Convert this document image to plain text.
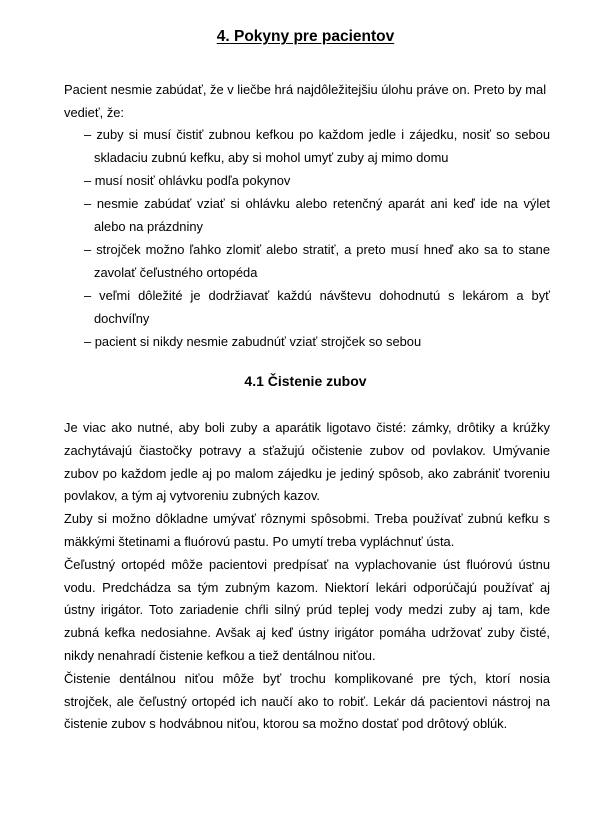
4. Pokyny pre pacientov
Pacient nesmie zabúdať, že v liečbe hrá najdôležitejšiu úlohu práve on. Preto by mal vedieť, že:
– zuby si musí čistiť zubnou kefkou po každom jedle i zájedku, nosiť so sebou skladaciu zubnú kefku, aby si mohol umyť zuby aj mimo domu
– musí nosiť ohlávku podľa pokynov
– nesmie zabúdať vziať si ohlávku alebo retenčný aparát ani keď ide na výlet alebo na prázdniny
– strojček možno ľahko zlomiť alebo stratiť, a preto musí hneď ako sa to stane zavolať čeľustného ortopéda
– veľmi dôležité je dodržiavať každú návštevu dohodnutú s lekárom a byť dochvíľny
– pacient si nikdy nesmie zabudnúť vziať strojček so sebou
4.1 Čistenie zubov

Je viac ako nutné, aby boli zuby a aparátik ligotavo čisté: zámky, drôtiky a krúžky zachytávajú čiastočky potravy a sťažujú očistenie zubov od povlakov. Umývanie zubov po každom jedle aj po malom zájedku je jediný spôsob, ako zabrániť tvoreniu povlakov, a tým aj vytvoreniu zubných kazov.

Zuby si možno dôkladne umývať rôznymi spôsobmi. Treba používať zubnú kefku s mäkkými štetinami a fluórovú pastu. Po umytí treba vypláchnuť ústa.

Čeľustný ortopéd môže pacientovi predpísať na vyplachovanie úst fluórovú ústnu vodu. Predchádza sa tým zubným kazom. Niektorí lekári odporúčajú používať aj ústny irigátor. Toto zariadenie chŕli silný prúd teplej vody medzi zuby aj tam, kde zubná kefka nedosiahne. Avšak aj keď ústny irigátor pomáha udržovať zuby čisté, nikdy nenahradí čistenie kefkou a tiež dentálnou niťou.

Čistenie dentálnou niťou môže byť trochu komplikované pre tých, ktorí nosia strojček, ale čeľustný ortopéd ich naučí ako to robiť. Lekár dá pacientovi nástroj na čistenie zubov s hodvábnou niťou, ktorou sa možno dostať pod drôtový oblúk.
